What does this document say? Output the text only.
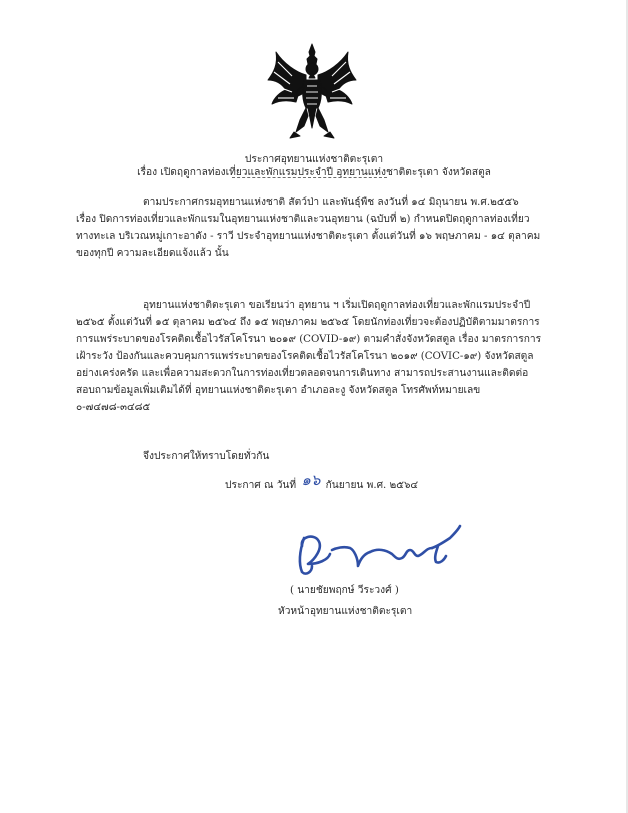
ประกาศอุทยานแห่งชาติตะรุเตา
เรื่อง เปิดฤดูกาลท่องเที่ยวและพักแรมประจำปี อุทยานแห่งชาติตะรุเตา จังหวัดสตูล
ตามประกาศกรมอุทยานแห่งชาติ สัตว์ป่า และพันธุ์พืช ลงวันที่ ๑๔ มิถุนายน พ.ศ.๒๕๕๖
เรื่อง ปิดการท่องเที่ยวและพักแรมในอุทยานแห่งชาติและวนอุทยาน (ฉบับที่ ๒) กำหนดปิดฤดูกาลท่องเที่ยว
ทางทะเล บริเวณหมู่เกาะอาดัง - ราวี ประจำอุทยานแห่งชาติตะรุเตา ตั้งแต่วันที่ ๑๖ พฤษภาคม - ๑๔ ตุลาคม
ของทุกปี ความละเอียดแจ้งแล้ว นั้น
อุทยานแห่งชาติตะรุเตา ขอเรียนว่า อุทยาน ฯ เริ่มเปิดฤดูกาลท่องเที่ยวและพักแรมประจำปี
๒๕๖๕ ตั้งแต่วันที่ ๑๕ ตุลาคม ๒๕๖๔ ถึง ๑๕ พฤษภาคม ๒๕๖๕ โดยนักท่องเที่ยวจะต้องปฏิบัติตามมาตรการ
การแพร่ระบาดของโรคติดเชื้อไวรัสโคโรนา ๒๐๑๙ (COVID-๑๙) ตามคำสั่งจังหวัดสตูล เรื่อง มาตรการการ
เฝ้าระวัง ป้องกันและควบคุมการแพร่ระบาดของโรคติดเชื้อไวรัสโคโรนา ๒๐๑๙ (COVIC-๑๙) จังหวัดสตูล
อย่างเคร่งครัด และเพื่อความสะดวกในการท่องเที่ยวตลอดจนการเดินทาง สามารถประสานงานและติดต่อ
สอบถามข้อมูลเพิ่มเติมได้ที่ อุทยานแห่งชาติตะรุเตา อำเภอละงู จังหวัดสตูล โทรศัพท์หมายเลข
๐-๗๔๗๘-๓๔๘๕
จึงประกาศให้ทราบโดยทั่วกัน
ประกาศ ณ วันที่ ๑๖ กันยายน พ.ศ. ๒๕๖๔
( นายชัยพฤกษ์ วีระวงศ์ )
หัวหน้าอุทยานแห่งชาติตะรุเตา
